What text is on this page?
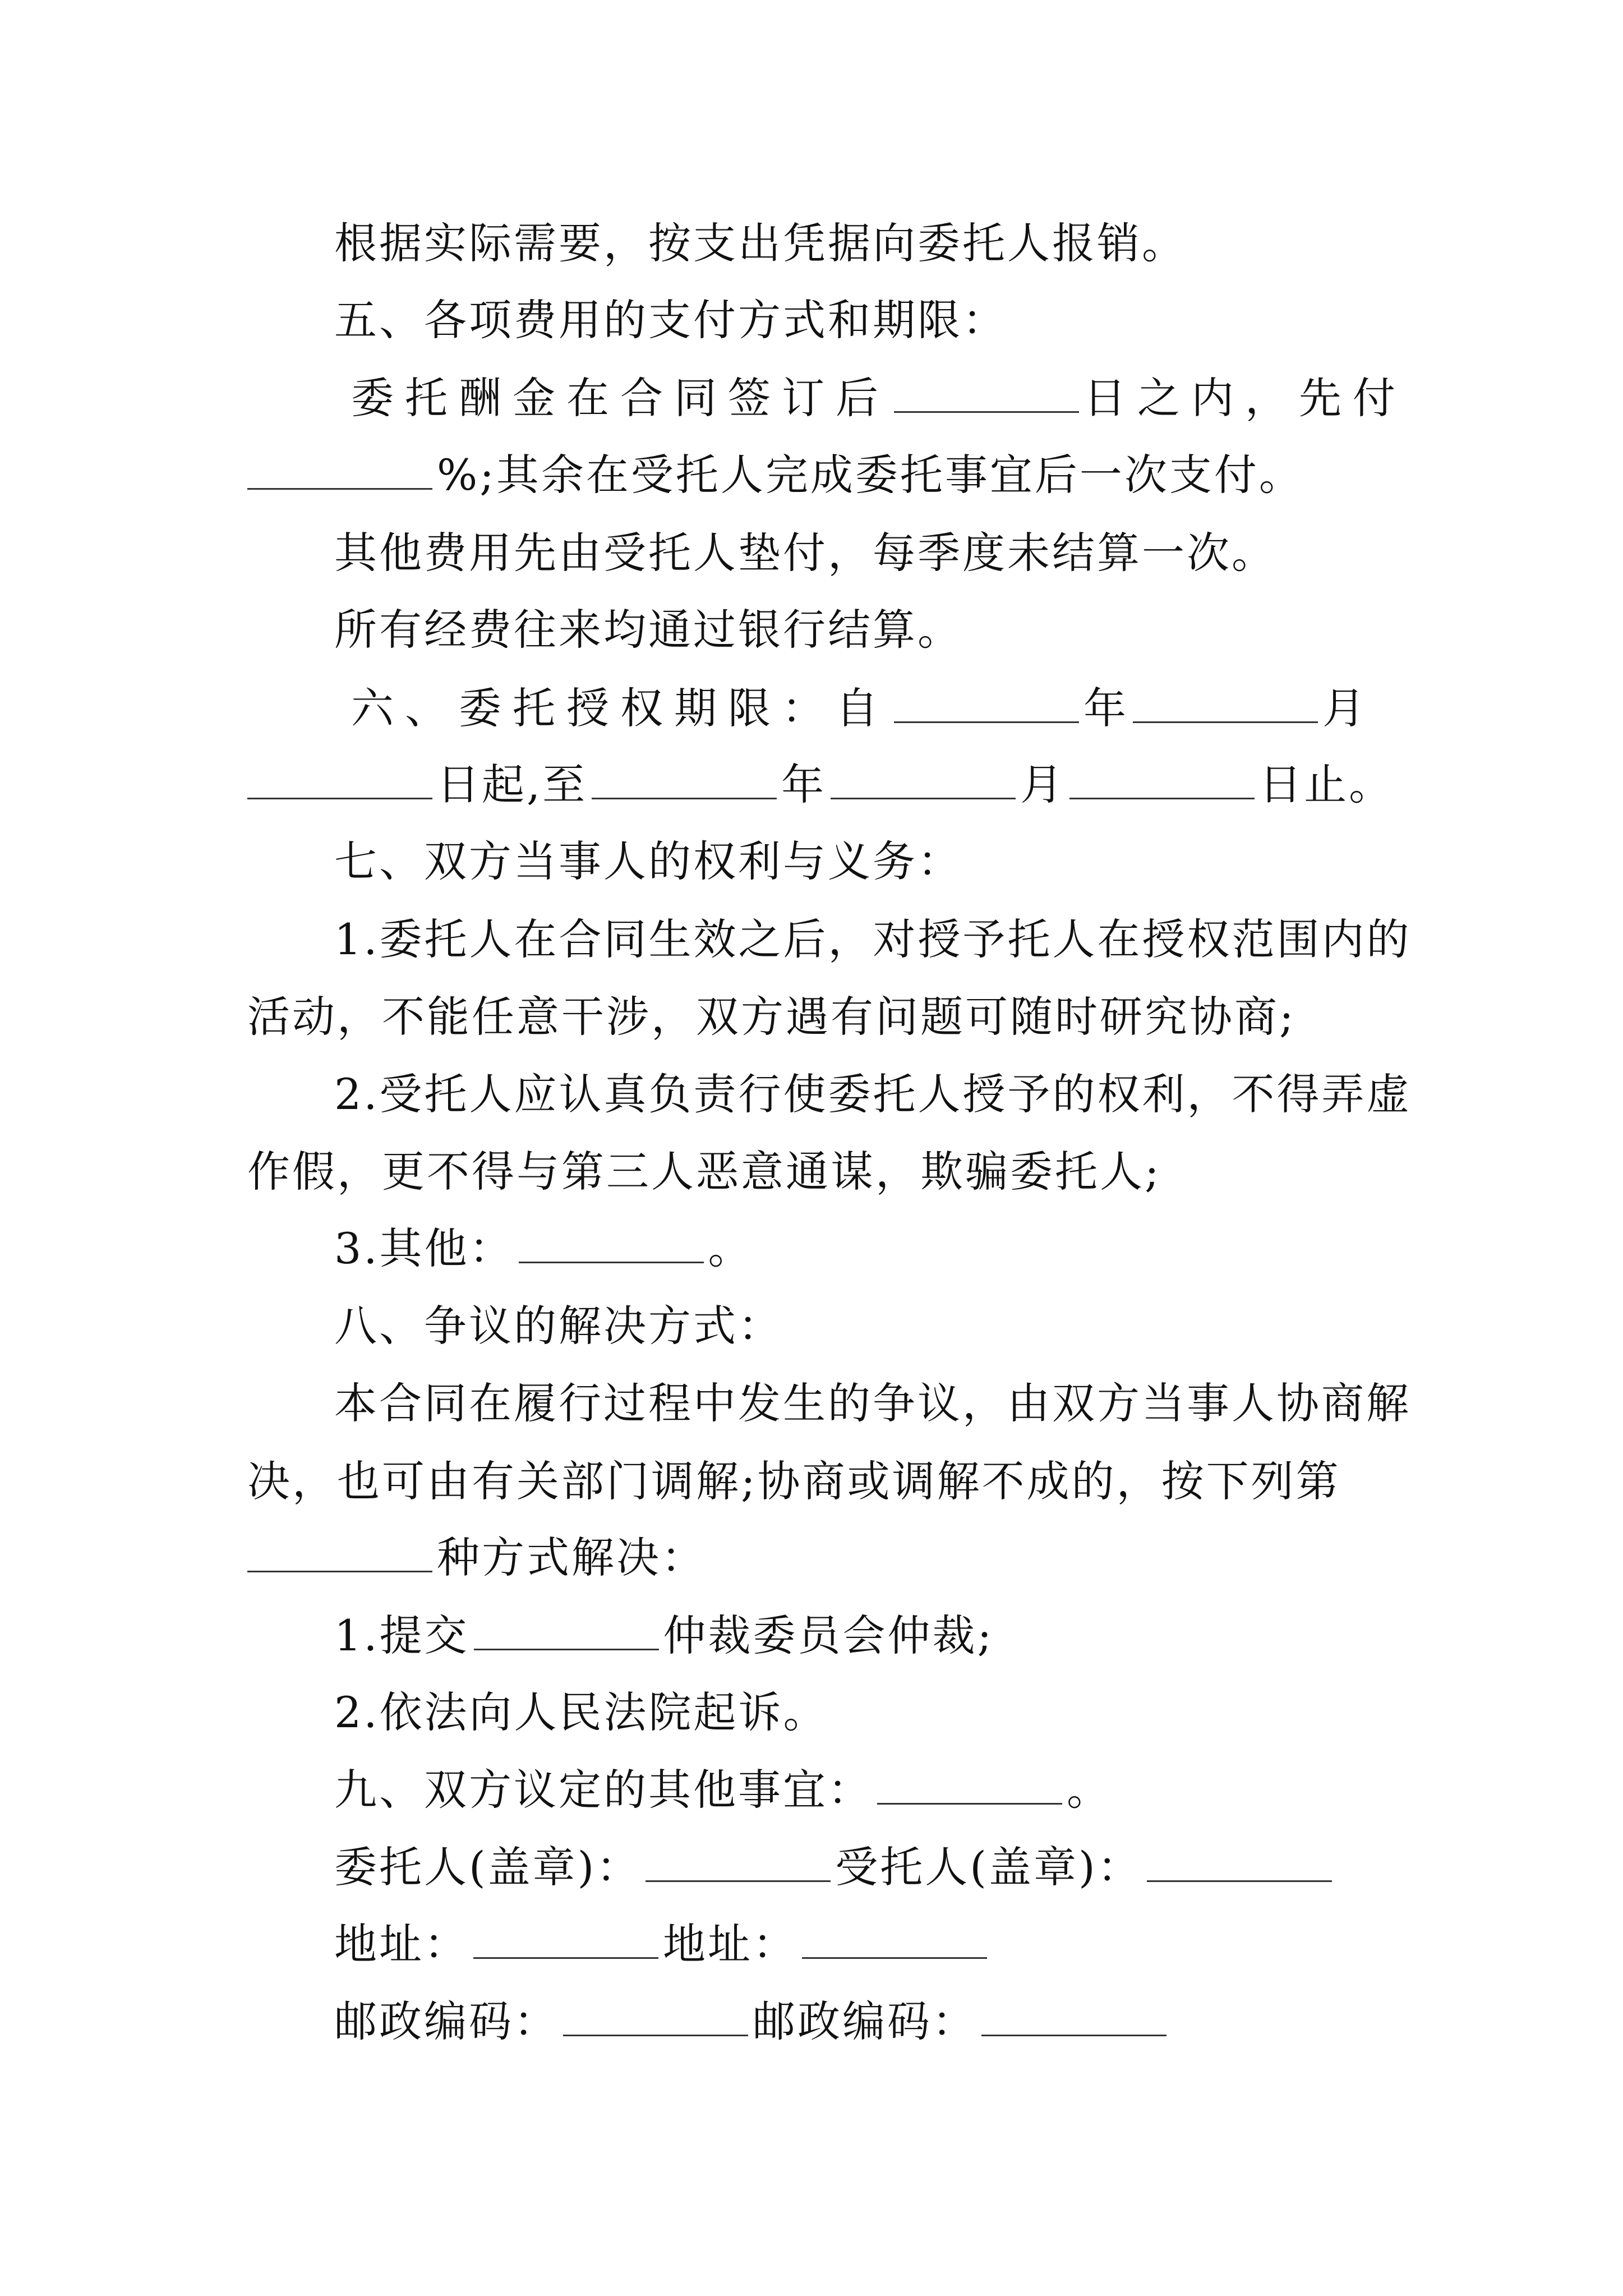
根据实际需要，按支出凭据向委托人报销。
五、各项费用的支付方式和期限：
委托酬金在合同签订后	日之内，先付
%;其余在受托人完成委托事宜后一次支付。
其他费用先由受托人垫付，每季度未结算一次。
所有经费往来均通过银行结算。
六、委托授权期限：自	年	月
日起,至	年	月	日止。
七、双方当事人的权利与义务：
1.委托人在合同生效之后，对授予托人在授权范围内的
活动，不能任意干涉，双方遇有问题可随时研究协商;
2.受托人应认真负责行使委托人授予的权利，不得弄虚
作假，更不得与第三人恶意通谋，欺骗委托人;
3.其他：	。
八、争议的解决方式：
本合同在履行过程中发生的争议，由双方当事人协商解
决，也可由有关部门调解;协商或调解不成的，按下列第
种方式解决：
1.提交	仲裁委员会仲裁;
2.依法向人民法院起诉。
九、双方议定的其他事宜：	。
委托人(盖章)：	受托人(盖章)：
地址：	地址：
邮政编码：	邮政编码：
